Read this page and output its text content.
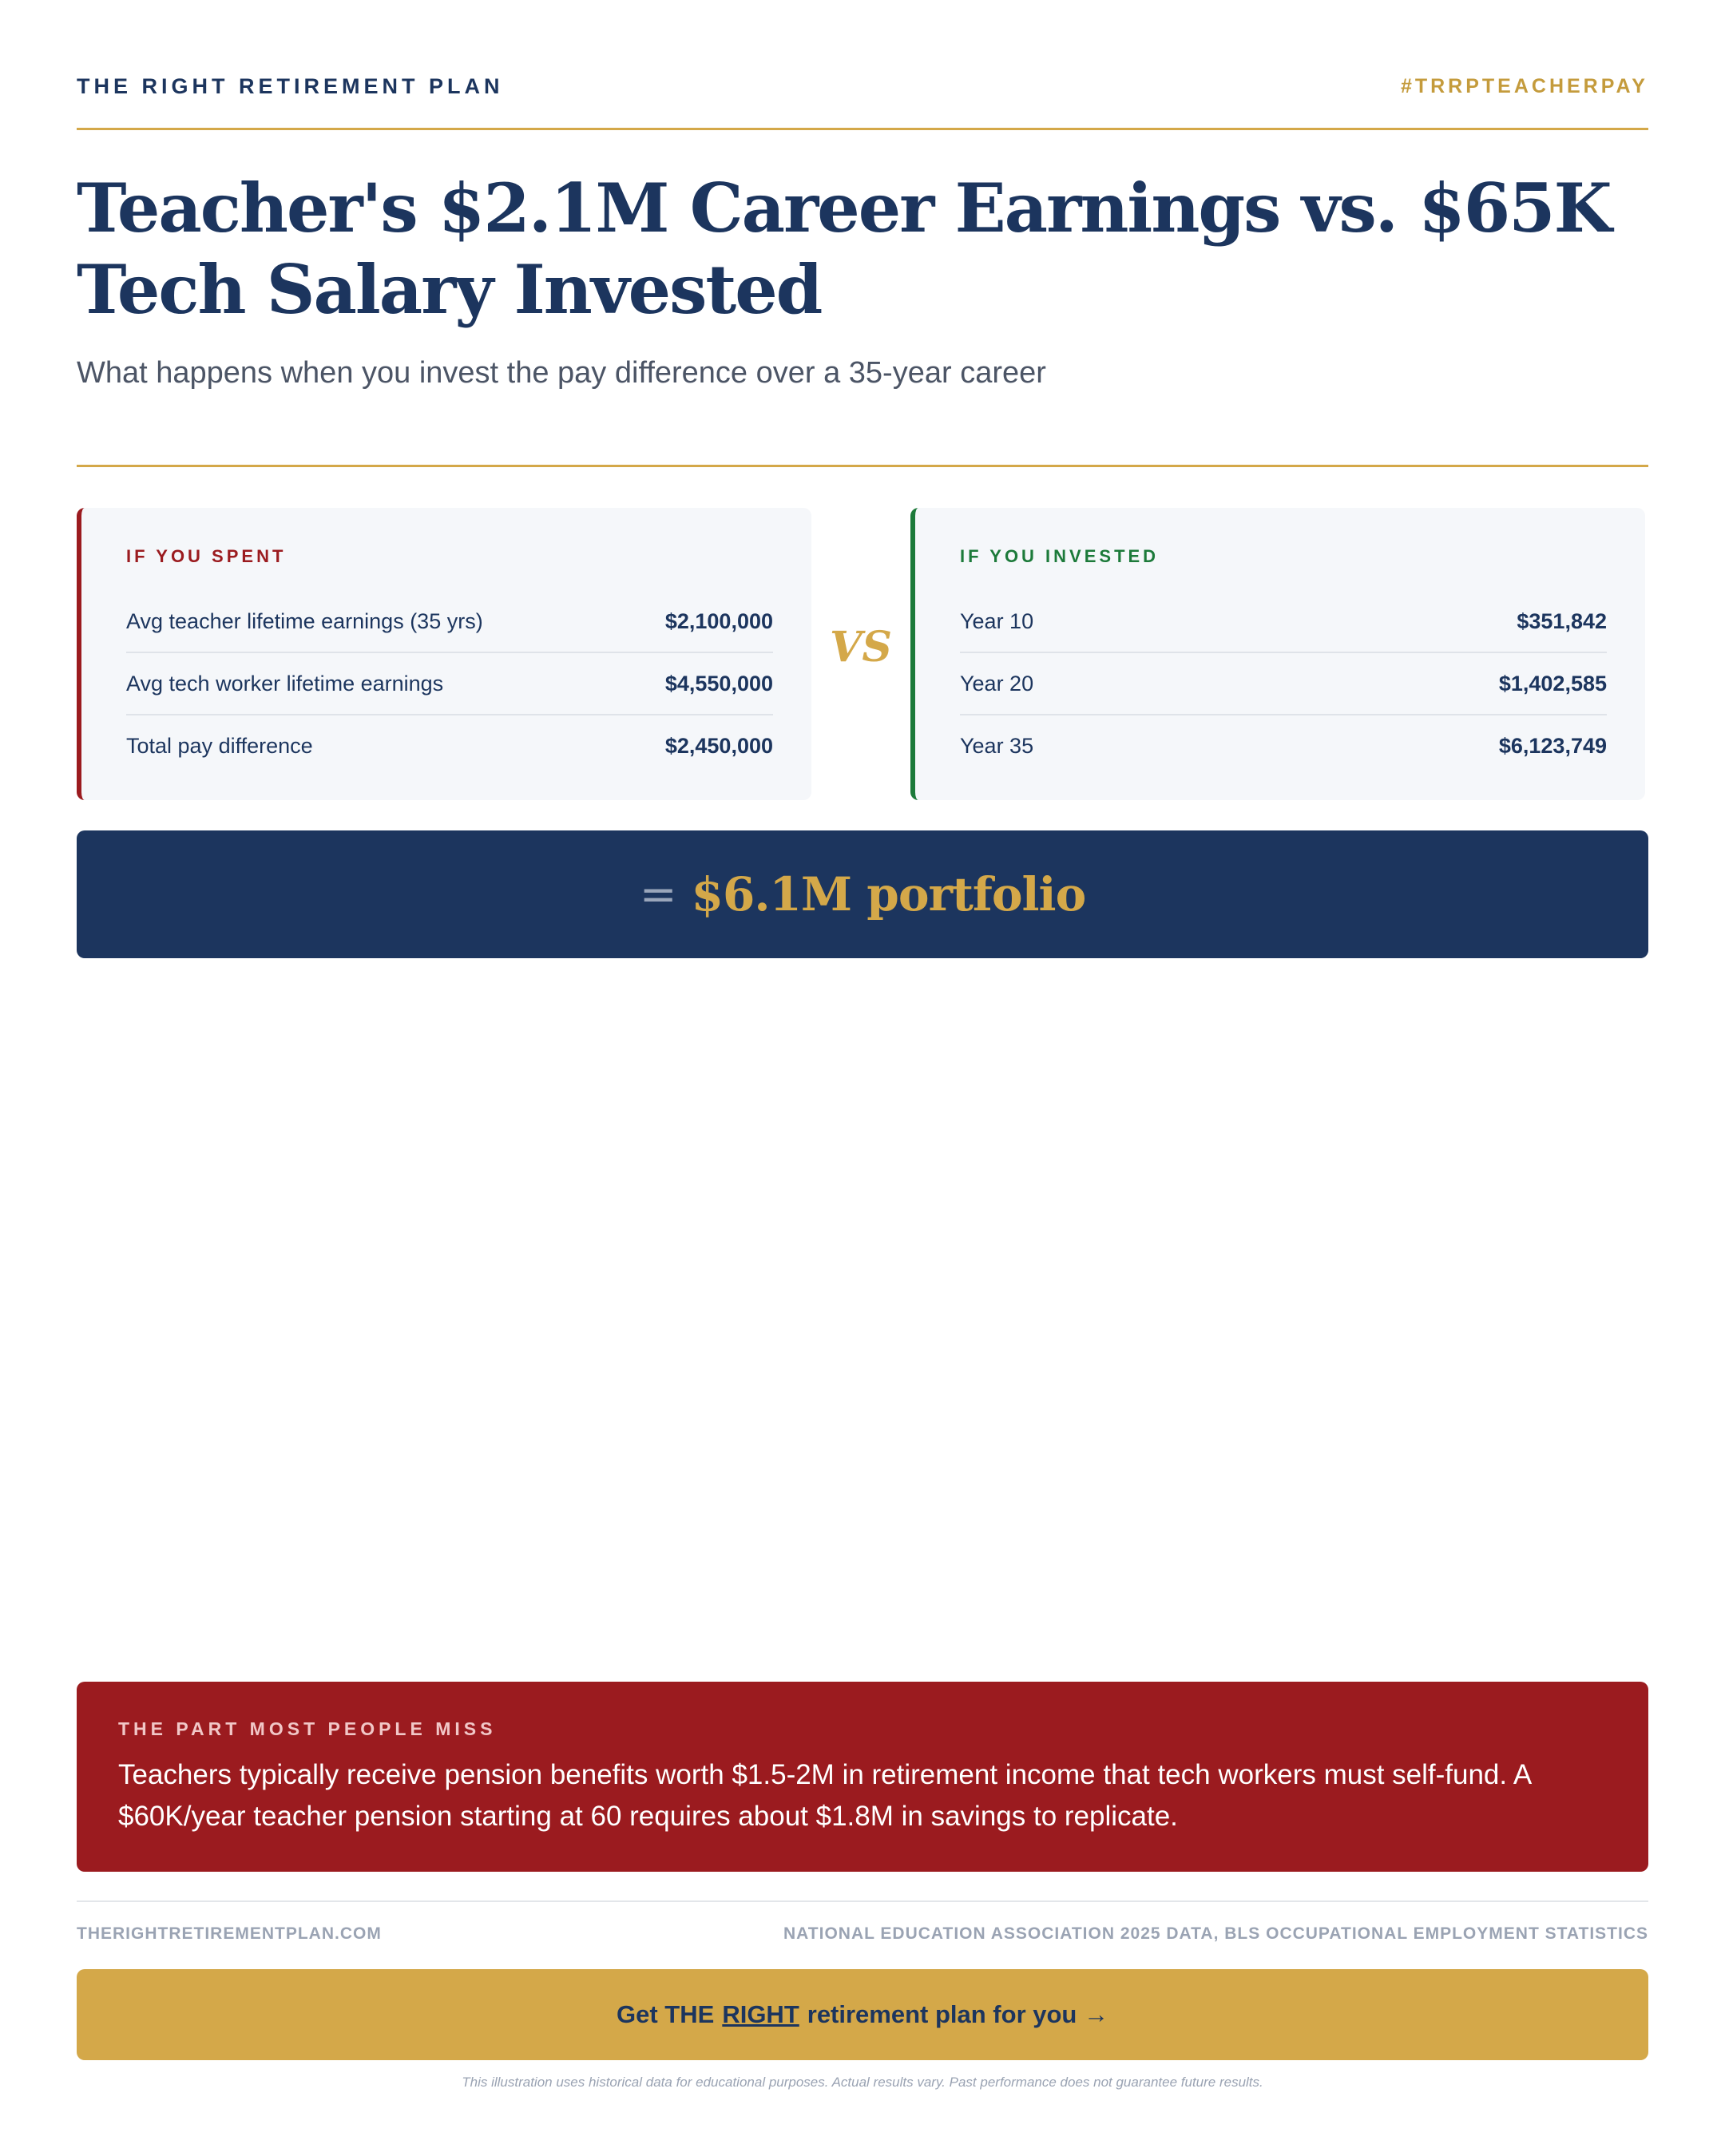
THE RIGHT RETIREMENT PLAN	#TRRPTEACHERPAY
Teacher's $2.1M Career Earnings vs. $65K Tech Salary Invested
What happens when you invest the pay difference over a 35-year career
IF YOU SPENT
Avg teacher lifetime earnings (35 yrs)	$2,100,000
Avg tech worker lifetime earnings	$4,550,000
Total pay difference	$2,450,000
VS
IF YOU INVESTED
Year 10	$351,842
Year 20	$1,402,585
Year 35	$6,123,749
= $6.1M portfolio
THE PART MOST PEOPLE MISS
Teachers typically receive pension benefits worth $1.5-2M in retirement income that tech workers must self-fund. A $60K/year teacher pension starting at 60 requires about $1.8M in savings to replicate.
THERIGHTRETIREMENTPLAN.COM	NATIONAL EDUCATION ASSOCIATION 2025 DATA, BLS OCCUPATIONAL EMPLOYMENT STATISTICS
Get THE RIGHT retirement plan for you →
This illustration uses historical data for educational purposes. Actual results vary. Past performance does not guarantee future results.
